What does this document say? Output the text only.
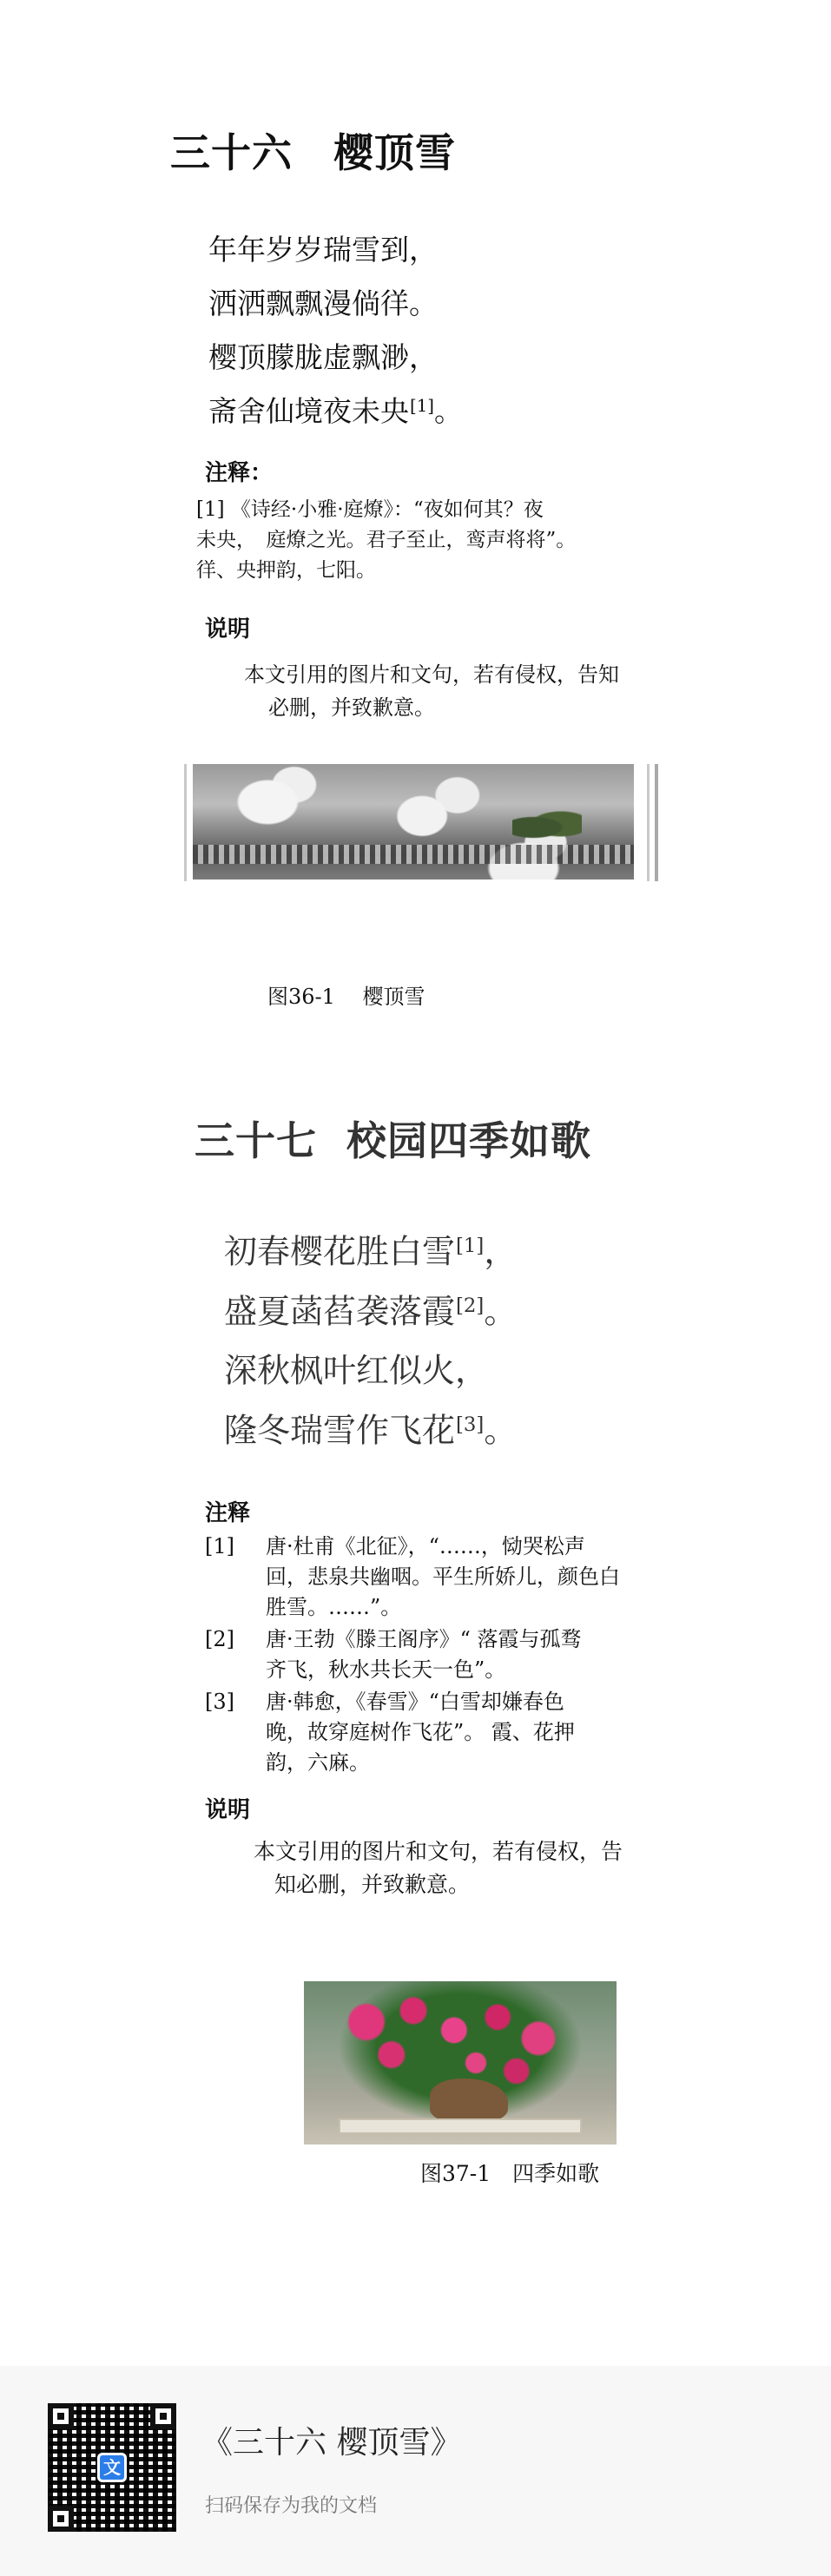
三十六　樱顶雪
年年岁岁瑞雪到，
洒洒飘飘漫倘徉。
樱顶朦胧虚飘渺，
斋舍仙境夜未央[1]。
注释：
[1] 《诗经·小雅·庭燎》：“夜如何其？夜
未央，　庭燎之光。君子至止，鸾声将将”。
徉、央押韵，七阳。
说明
本文引用的图片和文句，若有侵权，告知
必删，并致歉意。
图36-1　 樱顶雪
三十七  校园四季如歌
初春樱花胜白雪[1]，
盛夏菡萏袭落霞[2]。
深秋枫叶红似火，
隆冬瑞雪作飞花[3]。
注释
[1] 唐·杜甫《北征》，“……，恸哭松声
回，悲泉共幽咽。平生所娇儿，颜色白
胜雪。……”。
[2] 唐·王勃《滕王阁序》“ 落霞与孤骛
齐飞，秋水共长天一色”。
[3] 唐·韩愈，《春雪》“白雪却嫌春色
晚，故穿庭树作飞花”。 霞、花押
韵，六麻。
说明
本文引用的图片和文句，若有侵权，告
知必删，并致歉意。
图37-1　四季如歌
文
《三十六 樱顶雪》
扫码保存为我的文档
